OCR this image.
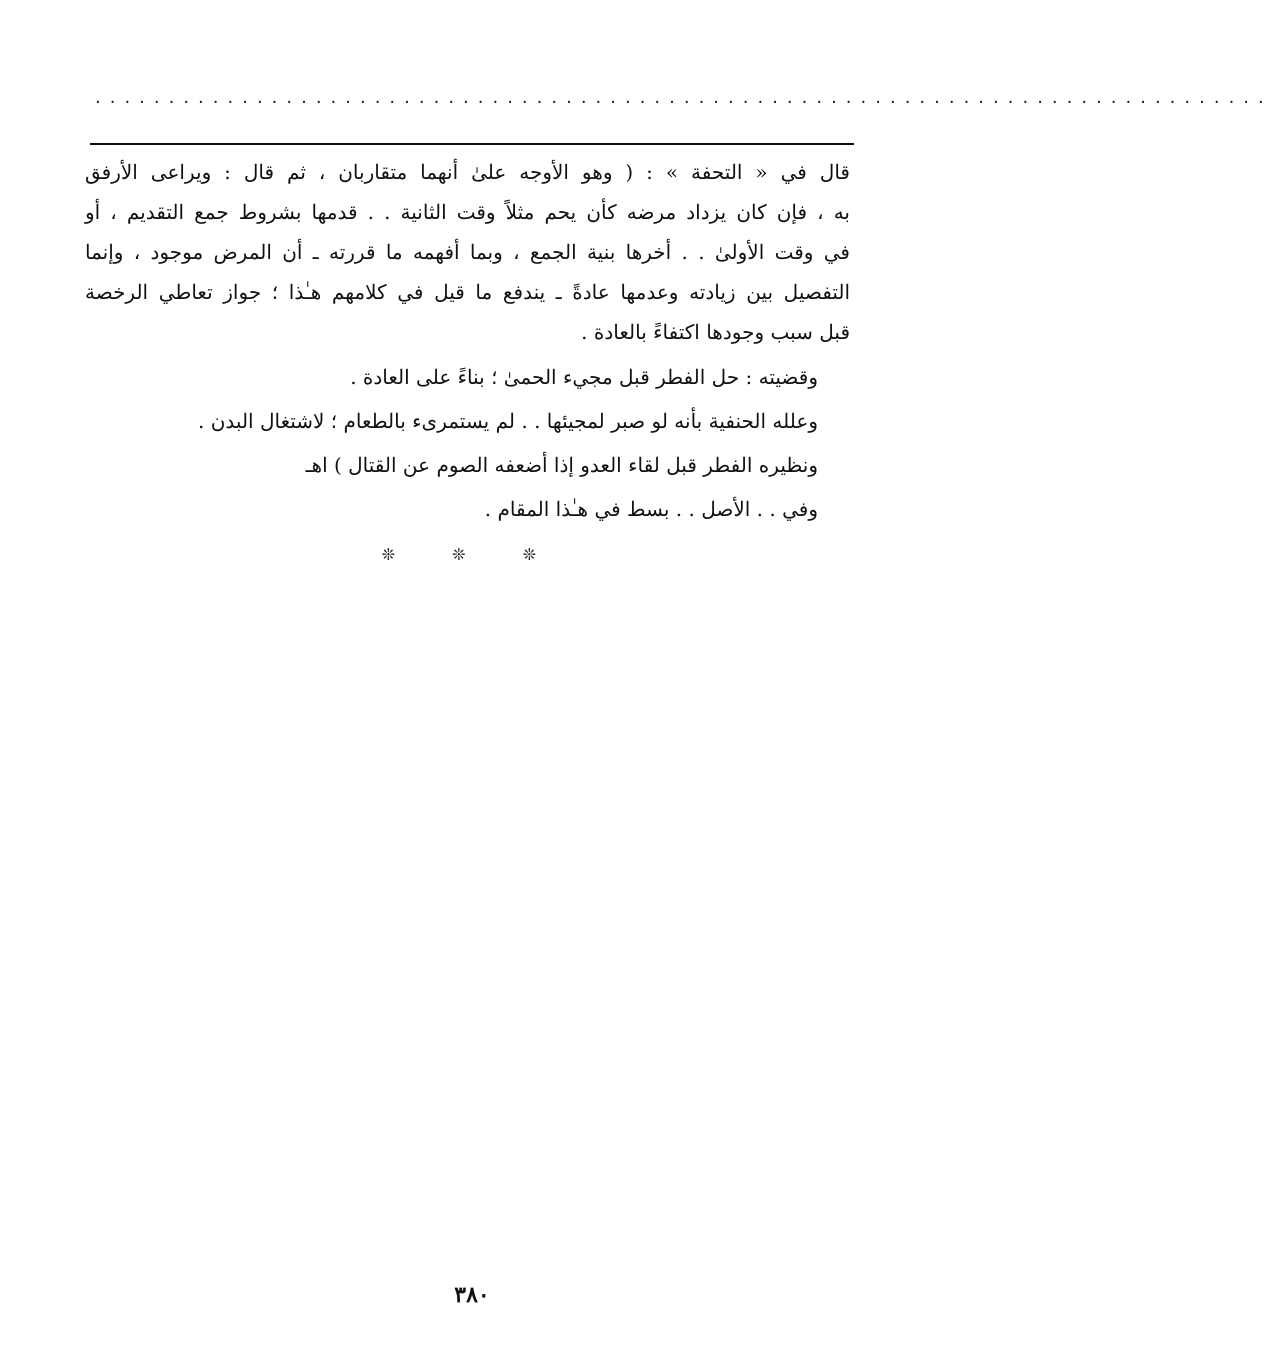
................................................................................
قال في « التحفة » : ( وهو الأوجه علىٰ أنهما متقاربان ، ثم قال : ويراعى الأرفق
به ، فإن كان يزداد مرضه كأن يحم مثلاً وقت الثانية . . قدمها بشروط جمع التقديم ، أو
في وقت الأولىٰ . . أخرها بنية الجمع ، وبما أفهمه ما قررته ـ أن المرض موجود ، وإنما
التفصيل بين زيادته وعدمها عادةً ـ يندفع ما قيل في كلامهم هـٰذا ؛ جواز تعاطي الرخصة
قبل سبب وجودها اكتفاءً بالعادة .
وقضيته : حل الفطر قبل مجيء الحمىٰ ؛ بناءً على العادة .
وعلله الحنفية بأنه لو صبر لمجيئها . . لم يستمرىء بالطعام ؛ لاشتغال البدن .
ونظيره الفطر قبل لقاء العدو إذا أضعفه الصوم عن القتال ) اهـ
وفي . . الأصل . . بسط في هـٰذا المقام .
❊ ❊ ❊
٣٨٠
